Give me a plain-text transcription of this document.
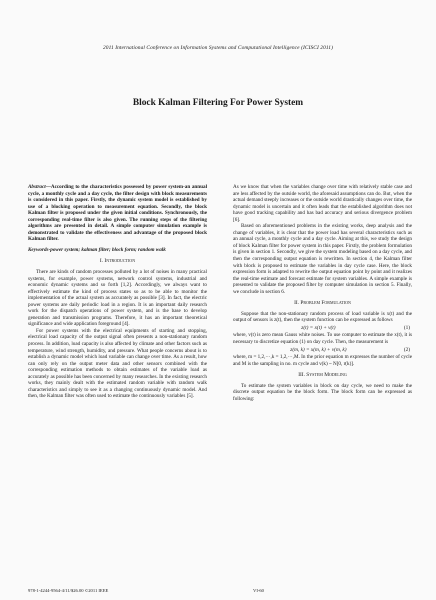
2011 International Conference on Information Systems and Computational Intelligence (ICISCI 2011)
Block Kalman Filtering For Power System

Abstract—According to the characteristics possessed by power system-an annual cycle, a monthly cycle and a day cycle, the filter design with block measurements is considered in this paper. Firstly, the dynamic system model is established by use of a blocking operation to measurement equation. Secondly, the block Kalman filter is proposed under the given initial conditions. Synchronously, the corresponding real-time filter is also given. The running steps of the filtering algorithms are presented in detail. A simple computer simulation example is demonstrated to validate the effectiveness and advantage of the proposed block Kalman filter.

Keywords-power system; kalman filter; block form; random walk

I. Introduction

There are kinds of random processes polluted by a lot of noises in many practical systems, for example, power systems, network control systems, industrial and economic dynamic systems and so forth [1,2]. Accordingly, we always want to effectively estimate the kind of process states so as to be able to monitor the implementation of the actual system as accurately as possible [3]. In fact, the electric power systems are daily periodic load in a region. It is an important daily research work for the dispatch operations of power system, and is the base to develop generation and transmission programs. Therefore, it has an important theoretical significance and wide application foreground [4].

For power systems with the electrical equipments of starting and stopping, electrical load capacity of the output signal often presents a non-stationary random process. In addition, load capacity is also affected by climate and other factors such as temperature, wind strength, humidity, and pressure. What people concerns about is to establish a dynamic model which load variable can change over time. As a result, how can only rely on the output meter data and other sensors combined with the corresponding estimation methods to obtain estimates of the variable load as accurately as possible has been concerned by many researches. In the existing research works, they mainly dealt with the estimated random variable with random walk characteristics and simply to see it as a changing continuously dynamic model. And then, the Kalman filter was often used to estimate the continuously variables [5].

As we know that when the variables change over time with relatively stable case and are less affected by the outside world, the aforesaid assumptions can do. But, when the actual demand steeply increases or the outside world drastically changes over time, the dynamic model is uncertain and it often leads that the established algorithm does not have good tracking capability and has bad accuracy and serious divergence problem [6].

Based on aforementioned problems in the existing works, deep analysis and the change of variables, it is clear that the power load has several characteristics such as an annual cycle, a monthly cycle and a day cycle. Aiming at this, we study the design of block Kalman filter for power system in this paper. Firstly, the problem formulation is given in section 1. Secondly, we give the system modeling based on a day cycle, and then the corresponding output equation is rewritten. In section 4, the Kalman filter with block is proposed to estimate the variables in day cycle case. Here, the block expression form is adapted to rewrite the output equation point by point and it realizes the real-time estimate and forecast estimate for system variables. A simple example is presented to validate the proposed filter by computer simulation in section 5. Finally, we conclude in section 6.

II. Problem Formulation

Suppose that the non-stationary random process of load variable is x(t) and the output of sensors is z(t), then the system function can be expressed as follows

z(t) = x(t) + v(t)	(1)

where, v(t) is zero mean Gauss white noises. To use computer to estimate the x(t), it is necessary to discretize equation (1) on day cycle. Then, the measurement is

z(m, k) = x(m, k) + v(m, k)	(2)

where, m = 1,2,⋯,k = 1,2,⋯,M. In the prior equation m expresses the number of cycle and M is the sampling in no. m cycle and v(k) ~ N[0, r(k)].

III. System Modeling

To estimate the system variables in block on day cycle, we need to make the discrete output equation be the block form. The block form can be expressed as following:

978-1-4244-9564-4/11/$26.00 ©2011 IEEE	VI-60
